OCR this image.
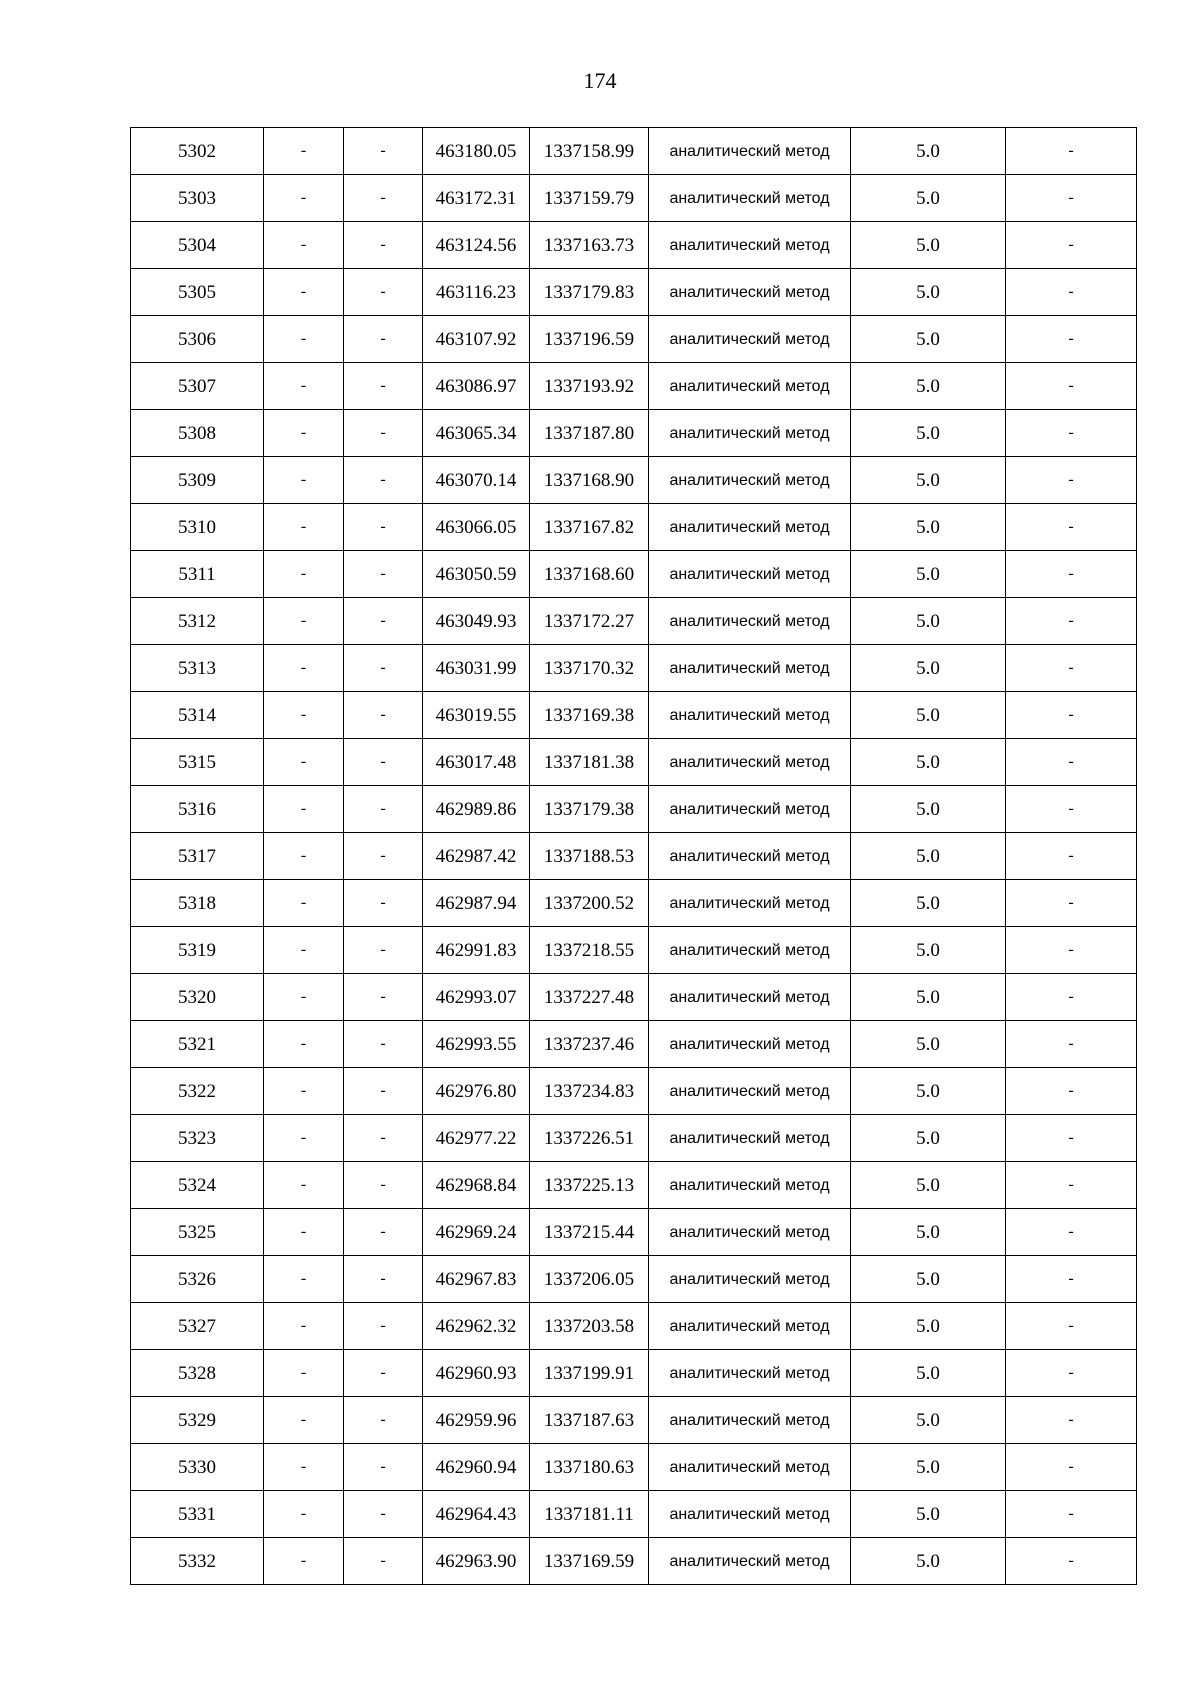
174
5302	-	-	463180.05	1337158.99	аналитический метод	5.0	-
5303	-	-	463172.31	1337159.79	аналитический метод	5.0	-
5304	-	-	463124.56	1337163.73	аналитический метод	5.0	-
5305	-	-	463116.23	1337179.83	аналитический метод	5.0	-
5306	-	-	463107.92	1337196.59	аналитический метод	5.0	-
5307	-	-	463086.97	1337193.92	аналитический метод	5.0	-
5308	-	-	463065.34	1337187.80	аналитический метод	5.0	-
5309	-	-	463070.14	1337168.90	аналитический метод	5.0	-
5310	-	-	463066.05	1337167.82	аналитический метод	5.0	-
5311	-	-	463050.59	1337168.60	аналитический метод	5.0	-
5312	-	-	463049.93	1337172.27	аналитический метод	5.0	-
5313	-	-	463031.99	1337170.32	аналитический метод	5.0	-
5314	-	-	463019.55	1337169.38	аналитический метод	5.0	-
5315	-	-	463017.48	1337181.38	аналитический метод	5.0	-
5316	-	-	462989.86	1337179.38	аналитический метод	5.0	-
5317	-	-	462987.42	1337188.53	аналитический метод	5.0	-
5318	-	-	462987.94	1337200.52	аналитический метод	5.0	-
5319	-	-	462991.83	1337218.55	аналитический метод	5.0	-
5320	-	-	462993.07	1337227.48	аналитический метод	5.0	-
5321	-	-	462993.55	1337237.46	аналитический метод	5.0	-
5322	-	-	462976.80	1337234.83	аналитический метод	5.0	-
5323	-	-	462977.22	1337226.51	аналитический метод	5.0	-
5324	-	-	462968.84	1337225.13	аналитический метод	5.0	-
5325	-	-	462969.24	1337215.44	аналитический метод	5.0	-
5326	-	-	462967.83	1337206.05	аналитический метод	5.0	-
5327	-	-	462962.32	1337203.58	аналитический метод	5.0	-
5328	-	-	462960.93	1337199.91	аналитический метод	5.0	-
5329	-	-	462959.96	1337187.63	аналитический метод	5.0	-
5330	-	-	462960.94	1337180.63	аналитический метод	5.0	-
5331	-	-	462964.43	1337181.11	аналитический метод	5.0	-
5332	-	-	462963.90	1337169.59	аналитический метод	5.0	-
